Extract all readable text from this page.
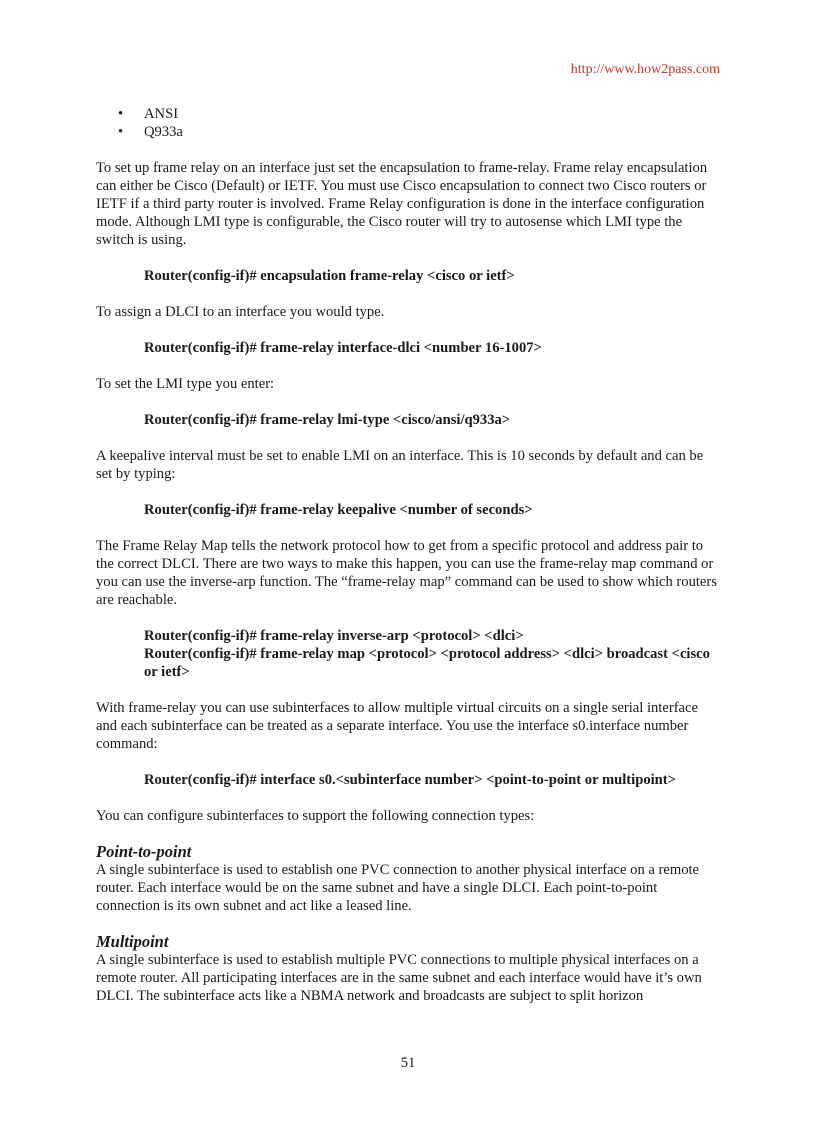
http://www.how2pass.com
• ANSI
• Q933a

To set up frame relay on an interface just set the encapsulation to frame-relay. Frame relay encapsulation can either be Cisco (Default) or IETF. You must use Cisco encapsulation to connect two Cisco routers or IETF if a third party router is involved. Frame Relay configuration is done in the interface configuration mode. Although LMI type is configurable, the Cisco router will try to autosense which LMI type the switch is using.

Router(config-if)# encapsulation frame-relay <cisco or ietf>

To assign a DLCI to an interface you would type.

Router(config-if)# frame-relay interface-dlci <number 16-1007>

To set the LMI type you enter:

Router(config-if)# frame-relay lmi-type <cisco/ansi/q933a>

A keepalive interval must be set to enable LMI on an interface. This is 10 seconds by default and can be set by typing:

Router(config-if)# frame-relay keepalive <number of seconds>

The Frame Relay Map tells the network protocol how to get from a specific protocol and address pair to the correct DLCI. There are two ways to make this happen, you can use the frame-relay map command or you can use the inverse-arp function. The “frame-relay map” command can be used to show which routers are reachable.

Router(config-if)# frame-relay inverse-arp <protocol> <dlci>

Router(config-if)# frame-relay map <protocol> <protocol address> <dlci> broadcast <cisco or ietf>

With frame-relay you can use subinterfaces to allow multiple virtual circuits on a single serial interface and each subinterface can be treated as a separate interface. You use the interface s0.interface number command:

Router(config-if)# interface s0.<subinterface number> <point-to-point or multipoint>

You can configure subinterfaces to support the following connection types:

Point-to-point

A single subinterface is used to establish one PVC connection to another physical interface on a remote router. Each interface would be on the same subnet and have a single DLCI. Each point-to-point connection is its own subnet and act like a leased line.

Multipoint

A single subinterface is used to establish multiple PVC connections to multiple physical interfaces on a remote router. All participating interfaces are in the same subnet and each interface would have it’s own DLCI. The subinterface acts like a NBMA network and broadcasts are subject to split horizon

51
